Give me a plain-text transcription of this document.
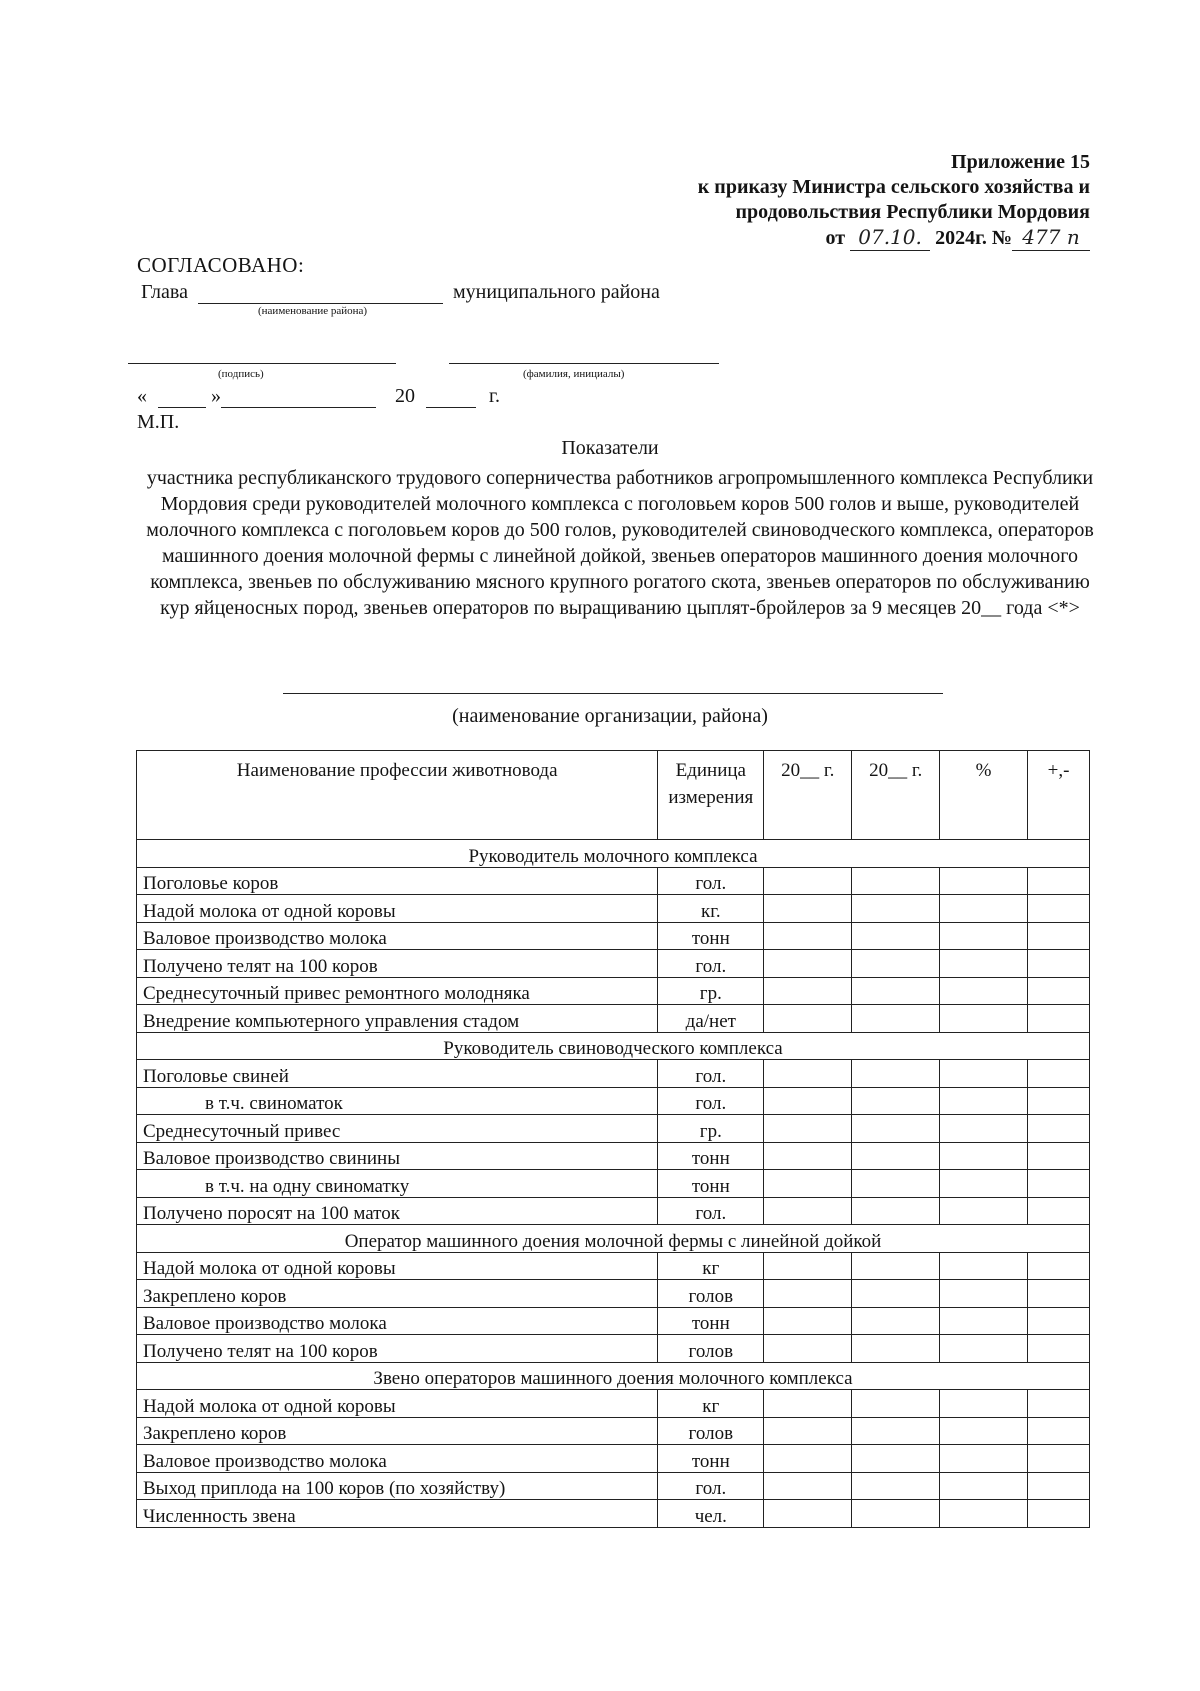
Приложение 15
к приказу Министра сельского хозяйства и
продовольствия Республики Мордовия
от 07.10. 2024г. № 477 п
СОГЛАСОВАНО:
Глава	муниципального района
(наименование района)
(подпись)	(фамилия, инициалы)
«	»	20	г.
М.П.
Показатели
участника республиканского трудового соперничества работников агропромышленного комплекса Республики Мордовия среди руководителей молочного комплекса с поголовьем коров 500 голов и выше, руководителей молочного комплекса с поголовьем коров до 500 голов, руководителей свиноводческого комплекса, операторов машинного доения молочной фермы с линейной дойкой, звеньев операторов машинного доения молочного комплекса, звеньев по обслуживанию мясного крупного рогатого скота, звеньев операторов по обслуживанию кур яйценосных пород, звеньев операторов по выращиванию цыплят-бройлеров за 9 месяцев 20__ года <*>
(наименование организации, района)
Наименование профессии животновода	Единица измерения	20__ г.	20__ г.	%	+,-
Руководитель молочного комплекса					
Поголовье коров	гол.				
Надой молока от одной коровы	кг.				
Валовое производство молока	тонн				
Получено телят на 100 коров	гол.				
Среднесуточный привес ремонтного молодняка	гр.				
Внедрение компьютерного управления стадом	да/нет				
Руководитель свиноводческого комплекса					
Поголовье свиней	гол.				
в т.ч. свиноматок	гол.				
Среднесуточный привес	гр.				
Валовое производство свинины	тонн				
в т.ч. на одну свиноматку	тонн				
Получено поросят на 100 маток	гол.				
Оператор машинного доения молочной фермы с линейной дойкой					
Надой молока от одной коровы	кг				
Закреплено коров	голов				
Валовое производство молока	тонн				
Получено телят на 100 коров	голов				
Звено операторов машинного доения молочного комплекса					
Надой молока от одной коровы	кг				
Закреплено коров	голов				
Валовое производство молока	тонн				
Выход приплода на 100 коров (по хозяйству)	гол.				
Численность звена	чел.				
